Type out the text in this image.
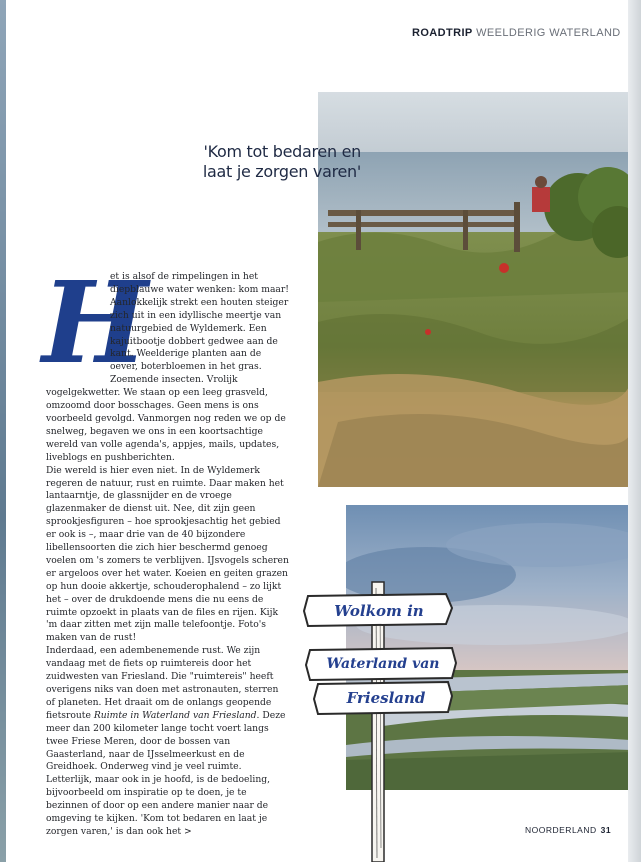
ROADTRIP WEELDERIG WATERLAND
'Kom tot bedaren en
laat je zorgen varen'
H

et is alsof de rimpelingen in het diepblauwe water wenken: kom maar! Aanlokkelijk strekt een houten steiger zich uit in een idyllische meertje van natuurgebied de Wyldemerk. Een kajuitbootje dobbert gedwee aan de kant. Weelderige planten aan de oever, boterbloemen in het gras. Zoemende insecten. Vrolijk vogelgekwetter. We staan op een leeg grasveld, omzoomd door bosschages. Geen mens is ons voorbeeld gevolgd. Vanmorgen nog reden we op de snelweg, begaven we ons in een koortsachtige wereld van volle agenda's, appjes, mails, updates, liveblogs en pushberichten.

Die wereld is hier even niet. In de Wyldemerk regeren de natuur, rust en ruimte. Daar maken het lantaarntje, de glassnijder en de vroege glazenmaker de dienst uit. Nee, dit zijn geen sprookjesfiguren – hoe sprookjesachtig het gebied er ook is –, maar drie van de 40 bijzondere libellensoorten die zich hier beschermd genoeg voelen om 's zomers te verblijven. IJsvogels scheren er argeloos over het water. Koeien en geiten grazen op hun dooie akkertje, schouderophalend – zo lijkt het – over de drukdoende mens die nu eens de ruimte opzoekt in plaats van de files en rijen. Kijk 'm daar zitten met zijn malle telefoontje. Foto's maken van de rust!

Inderdaad, een adembenemende rust. We zijn vandaag met de fiets op ruimtereis door het zuidwesten van Friesland. Die "ruimtereis" heeft overigens niks van doen met astronauten, sterren of planeten. Het draait om de onlangs geopende fietsroute Ruimte in Waterland van Friesland. Deze meer dan 200 kilometer lange tocht voert langs twee Friese Meren, door de bossen van Gaasterland, naar de IJsselmeerkust en de Greidhoek. Onderweg vind je veel ruimte. Letterlijk, maar ook in je hoofd, is de bedoeling, bijvoorbeeld om inspiratie op te doen, je te bezinnen of door op een andere manier naar de omgeving te kijken. 'Kom tot bedaren en laat je zorgen varen,' is dan ook het >

Wolkom in
Waterland van
Friesland
NOORDERLAND 31
